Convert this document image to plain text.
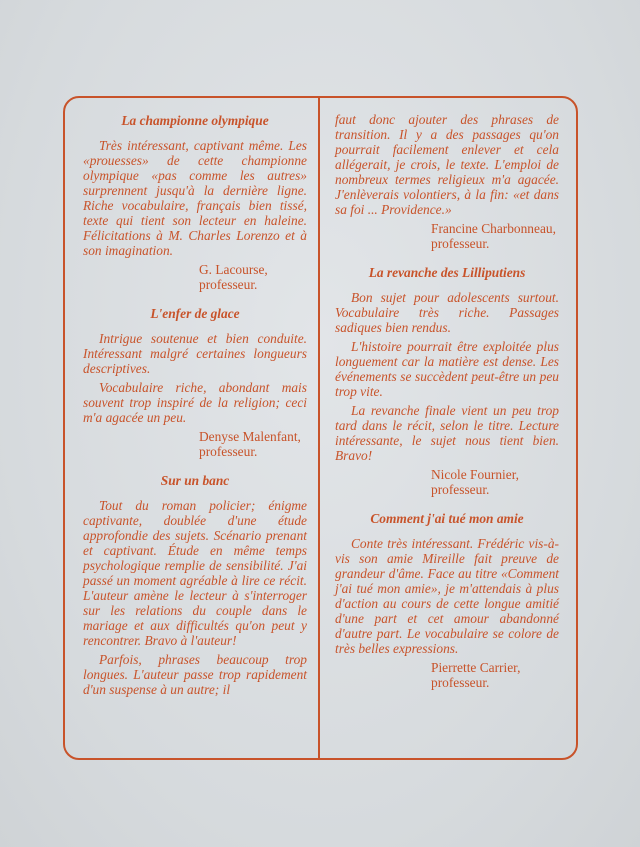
La championne olympique

Très intéressant, captivant même. Les «prouesses» de cette championne olympique «pas comme les autres» surprennent jusqu'à la dernière ligne. Riche vocabulaire, français bien tissé, texte qui tient son lecteur en haleine. Félicitations à M. Charles Lorenzo et à son imagination.

G. Lacourse,
professeur.
L'enfer de glace

Intrigue soutenue et bien conduite. Intéressant malgré certaines longueurs descriptives.

Vocabulaire riche, abondant mais souvent trop inspiré de la religion; ceci m'a agacée un peu.

Denyse Malenfant,
professeur.
Sur un banc

Tout du roman policier; énigme captivante, doublée d'une étude approfondie des sujets. Scénario prenant et captivant. Étude en même temps psychologique remplie de sensibilité. J'ai passé un moment agréable à lire ce récit. L'auteur amène le lecteur à s'interroger sur les relations du couple dans le mariage et aux difficultés qu'on peut y rencontrer. Bravo à l'auteur!

Parfois, phrases beaucoup trop longues. L'auteur passe trop rapidement d'un suspense à un autre; il

faut donc ajouter des phrases de transition. Il y a des passages qu'on pourrait facilement enlever et cela allégerait, je crois, le texte. L'emploi de nombreux termes religieux m'a agacée. J'enlèverais volontiers, à la fin: «et dans sa foi ... Providence.»

Francine Charbonneau,
professeur.
La revanche des Lilliputiens

Bon sujet pour adolescents surtout. Vocabulaire très riche. Passages sadiques bien rendus.

L'histoire pourrait être exploitée plus longuement car la matière est dense. Les événements se succèdent peut-être un peu trop vite.

La revanche finale vient un peu trop tard dans le récit, selon le titre. Lecture intéressante, le sujet nous tient bien. Bravo!

Nicole Fournier,
professeur.
Comment j'ai tué mon amie

Conte très intéressant. Frédéric vis-à-vis son amie Mireille fait preuve de grandeur d'âme. Face au titre «Comment j'ai tué mon amie», je m'attendais à plus d'action au cours de cette longue amitié d'une part et cet amour abandonné d'autre part. Le vocabulaire se colore de très belles expressions.

Pierrette Carrier,
professeur.
